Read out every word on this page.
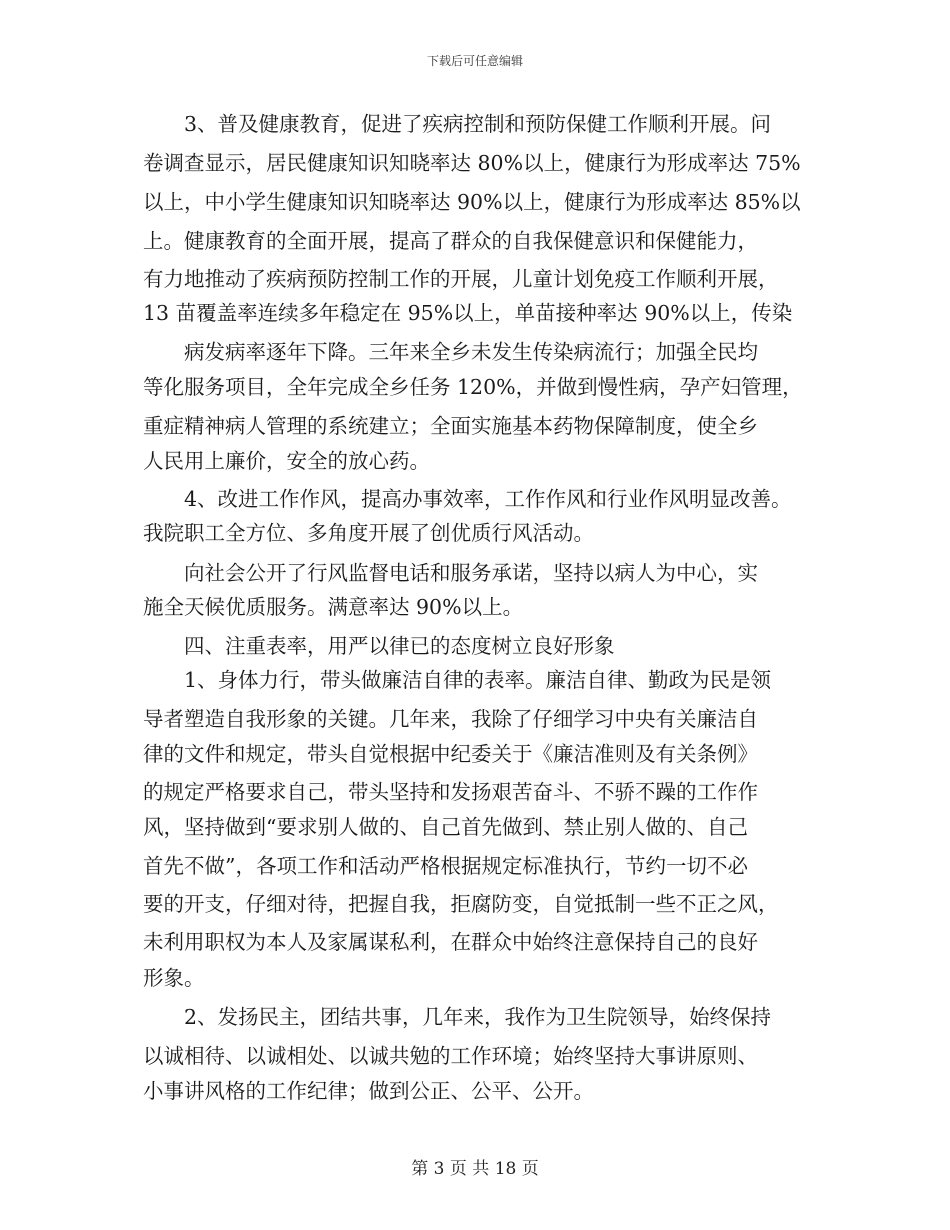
下载后可任意编辑
3、普及健康教育，促进了疾病控制和预防保健工作顺利开展。问
卷调查显示，居民健康知识知晓率达 80%以上，健康行为形成率达 75%
以上，中小学生健康知识知晓率达 90%以上，健康行为形成率达 85%以
上。健康教育的全面开展，提高了群众的自我保健意识和保健能力，
有力地推动了疾病预防控制工作的开展，儿童计划免疫工作顺利开展，
13 苗覆盖率连续多年稳定在 95%以上，单苗接种率达 90%以上，传染
病发病率逐年下降。三年来全乡未发生传染病流行；加强全民均
等化服务项目，全年完成全乡任务 120%，并做到慢性病，孕产妇管理，
重症精神病人管理的系统建立；全面实施基本药物保障制度，使全乡
人民用上廉价，安全的放心药。
4、改进工作作风，提高办事效率，工作作风和行业作风明显改善。
我院职工全方位、多角度开展了创优质行风活动。
向社会公开了行风监督电话和服务承诺，坚持以病人为中心，实
施全天候优质服务。满意率达 90%以上。
四、注重表率，用严以律已的态度树立良好形象
1、身体力行，带头做廉洁自律的表率。廉洁自律、勤政为民是领
导者塑造自我形象的关键。几年来，我除了仔细学习中央有关廉洁自
律的文件和规定，带头自觉根据中纪委关于《廉洁准则及有关条例》
的规定严格要求自己，带头坚持和发扬艰苦奋斗、不骄不躁的工作作
风，坚持做到“要求别人做的、自己首先做到、禁止别人做的、自己
首先不做”，各项工作和活动严格根据规定标准执行，节约一切不必
要的开支，仔细对待，把握自我，拒腐防变，自觉抵制一些不正之风，
未利用职权为本人及家属谋私利，在群众中始终注意保持自己的良好
形象。
2、发扬民主，团结共事，几年来，我作为卫生院领导，始终保持
以诚相待、以诚相处、以诚共勉的工作环境；始终坚持大事讲原则、
小事讲风格的工作纪律；做到公正、公平、公开。
第 3 页 共 18 页
